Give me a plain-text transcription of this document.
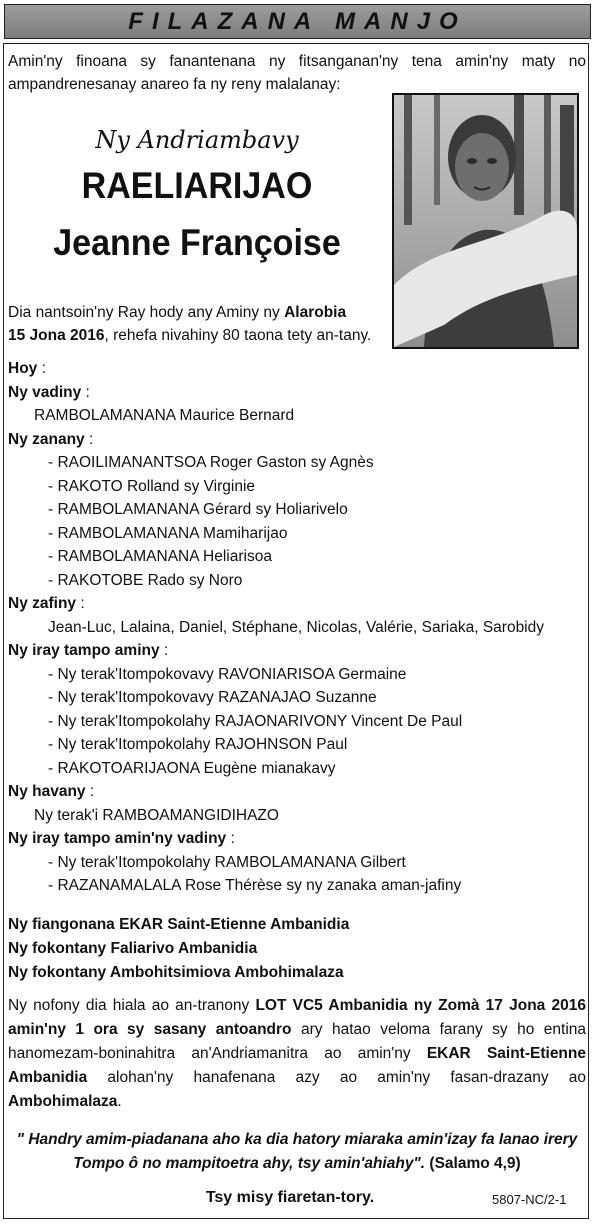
FILAZANA MANJO

Amin'ny finoana sy fanantenana ny fitsanganan'ny tena amin'ny maty no ampandrenesanay anareo fa ny reny malalanay:

Ny Andriambavy
RAELIARIJAO
Jeanne Françoise

Dia nantsoin'ny Ray hody any Aminy ny Alarobia
15 Jona 2016, rehefa nivahiny 80 taona tety an-tany.

Hoy :
Ny vadiny :
RAMBOLAMANANA Maurice Bernard
Ny zanany :
- RAOILIMANANTSOA Roger Gaston sy Agnès
- RAKOTO Rolland sy Virginie
- RAMBOLAMANANA Gérard sy Holiarivelo
- RAMBOLAMANANA Mamiharijao
- RAMBOLAMANANA Heliarisoa
- RAKOTOBE Rado sy Noro
Ny zafiny :
Jean-Luc, Lalaina, Daniel, Stéphane, Nicolas, Valérie, Sariaka, Sarobidy
Ny iray tampo aminy :
- Ny terak'Itompokovavy RAVONIARISOA Germaine
- Ny terak'Itompokovavy RAZANAJAO Suzanne
- Ny terak'Itompokolahy RAJAONARIVONY Vincent De Paul
- Ny terak'Itompokolahy RAJOHNSON Paul
- RAKOTOARIJAONA Eugène mianakavy
Ny havany :
Ny terak'i RAMBOAMANGIDIHAZO
Ny iray tampo amin'ny vadiny :
- Ny terak'Itompokolahy RAMBOLAMANANA Gilbert
- RAZANAMALALA Rose Thérèse sy ny zanaka aman-jafiny
Ny fiangonana EKAR Saint-Etienne Ambanidia
Ny fokontany Faliarivo Ambanidia
Ny fokontany Ambohitsimiova Ambohimalaza

Ny nofony dia hiala ao an-tranony LOT VC5 Ambanidia ny Zomà 17 Jona 2016 amin'ny 1 ora sy sasany antoandro ary hatao veloma farany sy ho entina hanomezam-boninahitra an'Andriamanitra ao amin'ny EKAR Saint-Etienne Ambanidia alohan'ny hanafenana azy ao amin'ny fasan-drazany ao Ambohimalaza.

" Handry amim-piadanana aho ka dia hatory miaraka amin'izay fa Ianao irery Tompo ô no mampitoetra ahy, tsy amin'ahiahy". (Salamo 4,9)
Tsy misy fiaretan-tory.	5807-NC/2-1
